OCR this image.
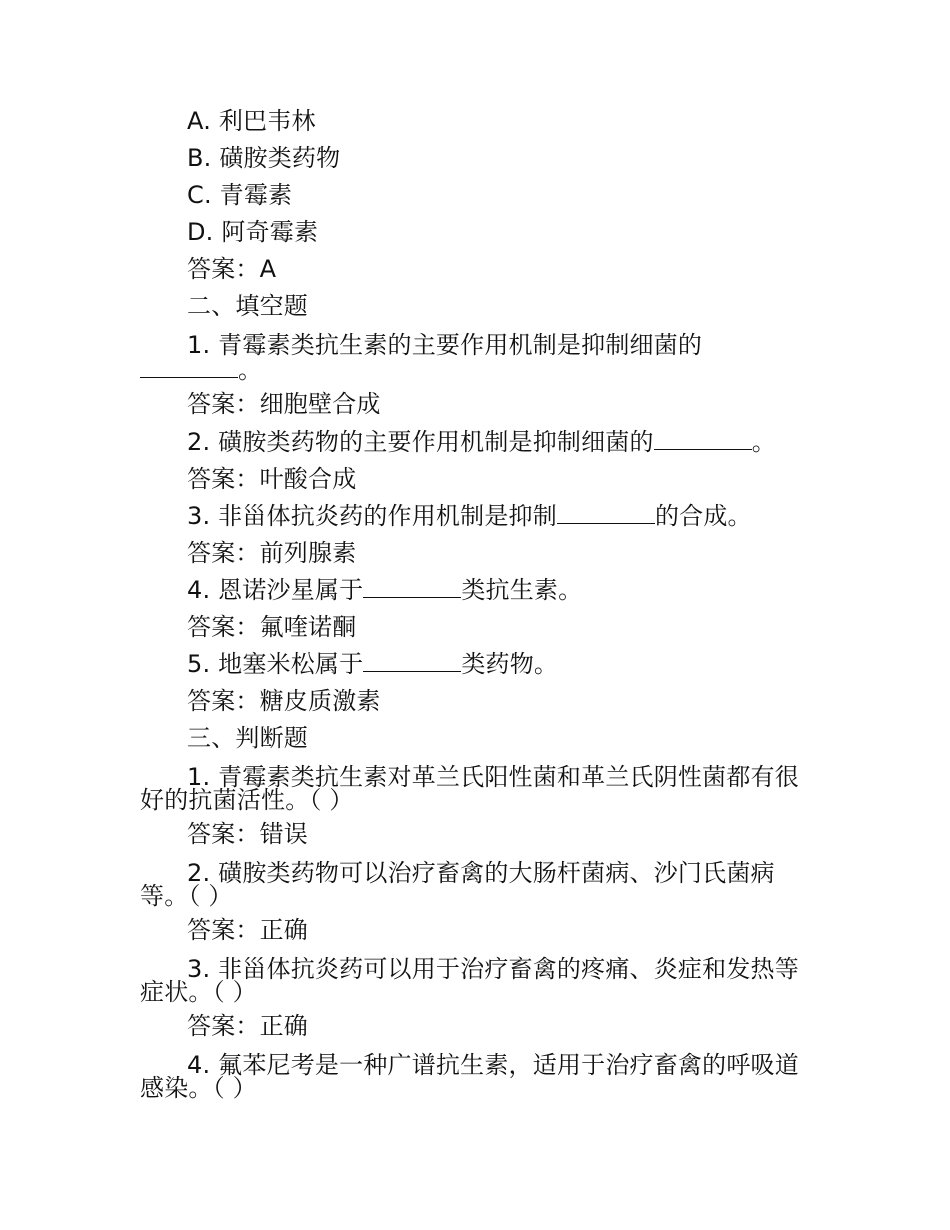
A. 利巴韦林
B. 磺胺类药物
C. 青霉素
D. 阿奇霉素
答案：A
二、填空题
1. 青霉素类抗生素的主要作用机制是抑制细菌的
。
答案：细胞壁合成
2. 磺胺类药物的主要作用机制是抑制细菌的	。
答案：叶酸合成
3. 非甾体抗炎药的作用机制是抑制	的合成。
答案：前列腺素
4. 恩诺沙星属于	类抗生素。
答案：氟喹诺酮
5. 地塞米松属于	类药物。
答案：糖皮质激素
三、判断题
1. 青霉素类抗生素对革兰氏阳性菌和革兰氏阴性菌都有很
好的抗菌活性。（ ）
答案：错误
2. 磺胺类药物可以治疗畜禽的大肠杆菌病、沙门氏菌病
等。（ ）
答案：正确
3. 非甾体抗炎药可以用于治疗畜禽的疼痛、炎症和发热等
症状。（ ）
答案：正确
4. 氟苯尼考是一种广谱抗生素，适用于治疗畜禽的呼吸道
感染。（ ）
